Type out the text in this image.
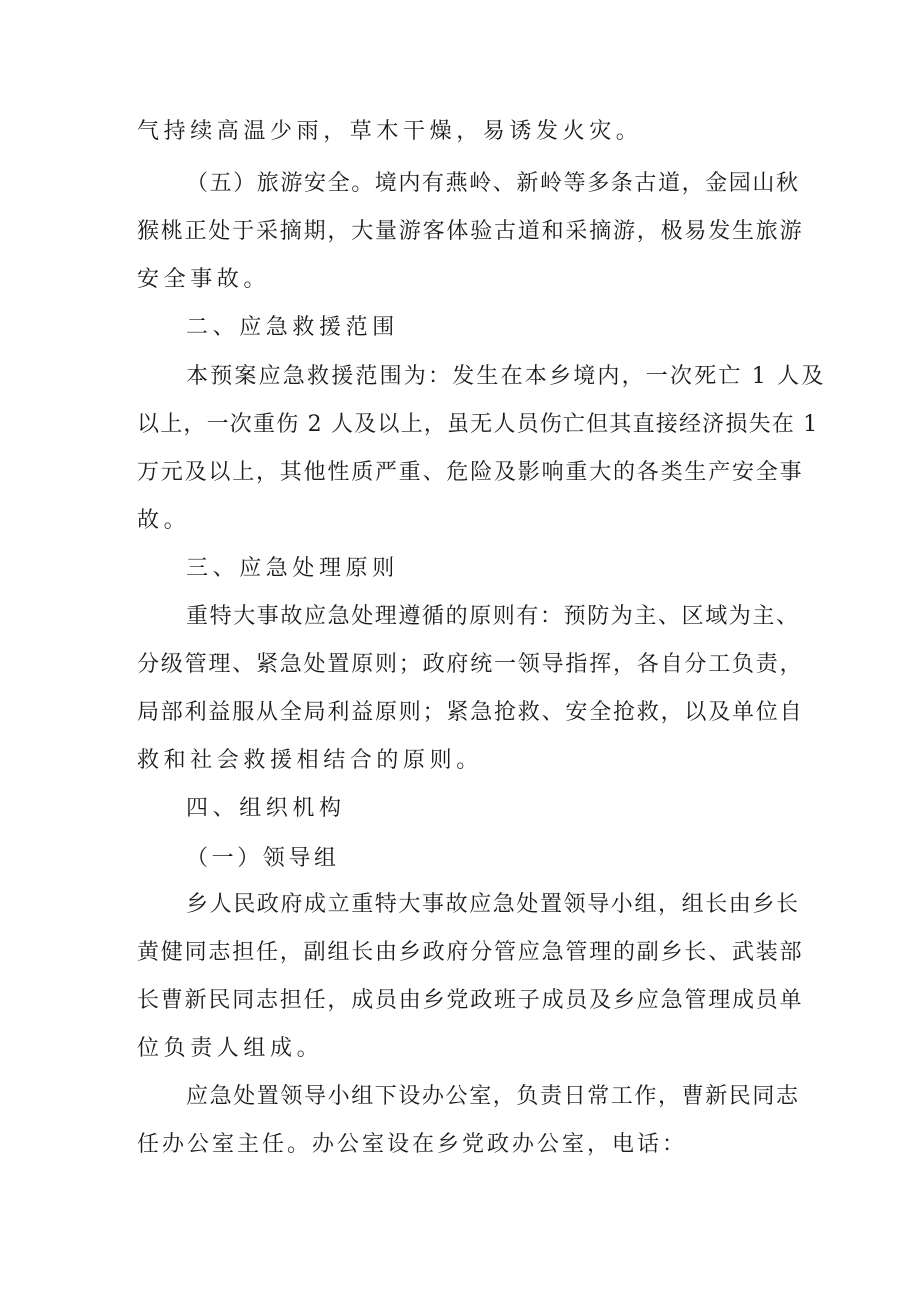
气持续高温少雨，草木干燥，易诱发火灾。

（五）旅游安全。境内有燕岭、新岭等多条古道，金园山秋

猴桃正处于采摘期，大量游客体验古道和采摘游，极易发生旅游

安全事故。

二、应急救援范围

本预案应急救援范围为：发生在本乡境内，一次死亡 1 人及

以上，一次重伤 2 人及以上，虽无人员伤亡但其直接经济损失在 1

万元及以上，其他性质严重、危险及影响重大的各类生产安全事

故。

三、应急处理原则

重特大事故应急处理遵循的原则有：预防为主、区域为主、

分级管理、紧急处置原则；政府统一领导指挥，各自分工负责，

局部利益服从全局利益原则；紧急抢救、安全抢救，以及单位自

救和社会救援相结合的原则。

四、组织机构

（一）领导组

乡人民政府成立重特大事故应急处置领导小组，组长由乡长

黄健同志担任，副组长由乡政府分管应急管理的副乡长、武装部

长曹新民同志担任，成员由乡党政班子成员及乡应急管理成员单

位负责人组成。

应急处置领导小组下设办公室，负责日常工作，曹新民同志

任办公室主任。办公室设在乡党政办公室，电话：
